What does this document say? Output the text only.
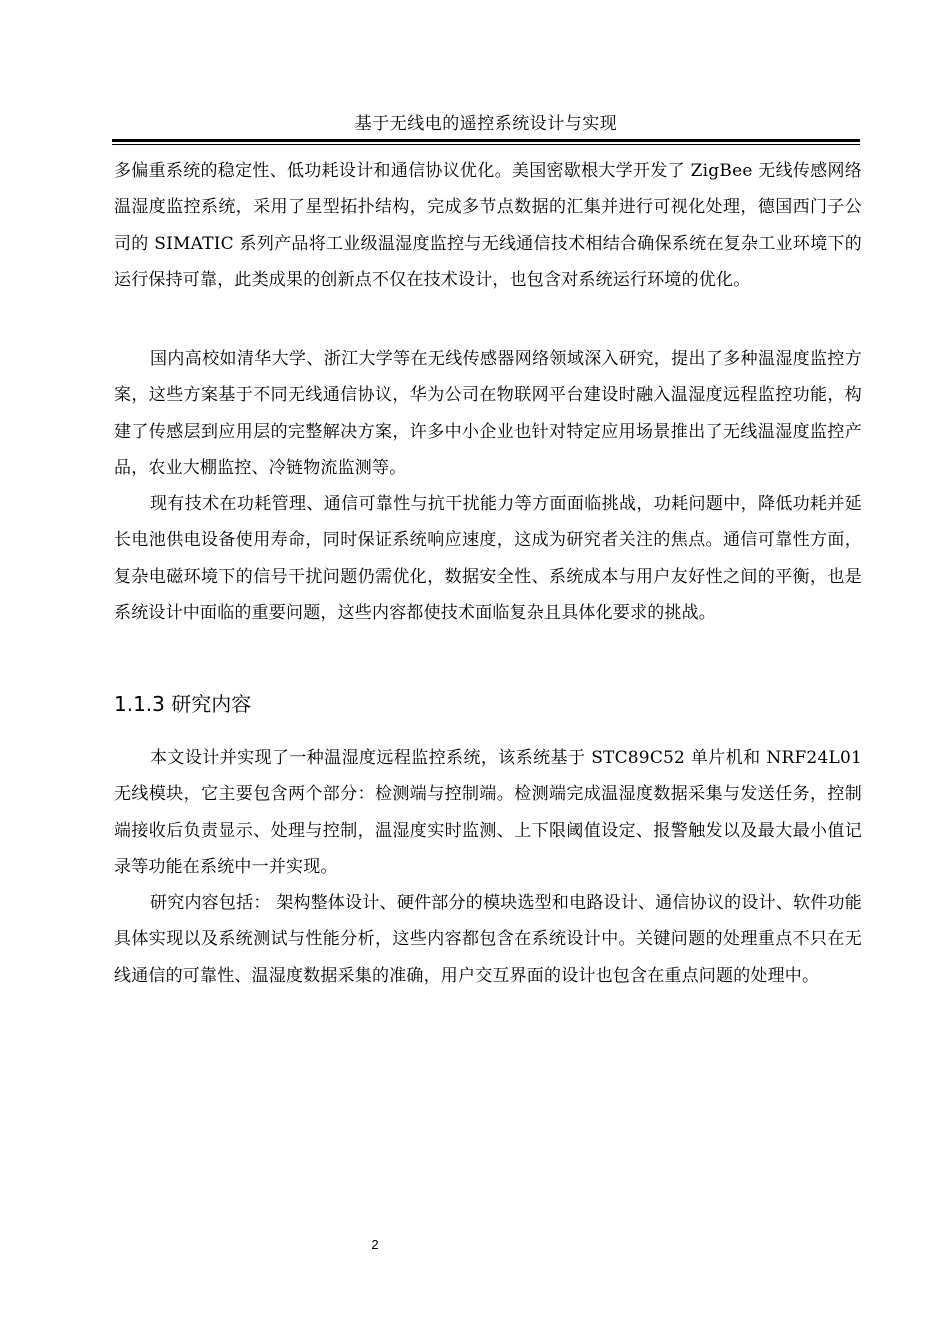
基于无线电的遥控系统设计与实现

多偏重系统的稳定性、低功耗设计和通信协议优化。美国密歇根大学开发了 ZigBee 无线传感网络温湿度监控系统，采用了星型拓扑结构，完成多节点数据的汇集并进行可视化处理，德国西门子公司的 SIMATIC 系列产品将工业级温湿度监控与无线通信技术相结合确保系统在复杂工业环境下的运行保持可靠，此类成果的创新点不仅在技术设计，也包含对系统运行环境的优化。

国内高校如清华大学、浙江大学等在无线传感器网络领域深入研究，提出了多种温湿度监控方案，这些方案基于不同无线通信协议，华为公司在物联网平台建设时融入温湿度远程监控功能，构建了传感层到应用层的完整解决方案，许多中小企业也针对特定应用场景推出了无线温湿度监控产品，农业大棚监控、冷链物流监测等。

现有技术在功耗管理、通信可靠性与抗干扰能力等方面面临挑战，功耗问题中，降低功耗并延长电池供电设备使用寿命，同时保证系统响应速度，这成为研究者关注的焦点。通信可靠性方面，复杂电磁环境下的信号干扰问题仍需优化，数据安全性、系统成本与用户友好性之间的平衡，也是系统设计中面临的重要问题，这些内容都使技术面临复杂且具体化要求的挑战。

1.1.3 研究内容

本文设计并实现了一种温湿度远程监控系统，该系统基于 STC89C52 单片机和 NRF24L01 无线模块，它主要包含两个部分：检测端与控制端。检测端完成温湿度数据采集与发送任务，控制端接收后负责显示、处理与控制，温湿度实时监测、上下限阈值设定、报警触发以及最大最小值记录等功能在系统中一并实现。

研究内容包括： 架构整体设计、硬件部分的模块选型和电路设计、通信协议的设计、软件功能具体实现以及系统测试与性能分析，这些内容都包含在系统设计中。关键问题的处理重点不只在无线通信的可靠性、温湿度数据采集的准确，用户交互界面的设计也包含在重点问题的处理中。

2
